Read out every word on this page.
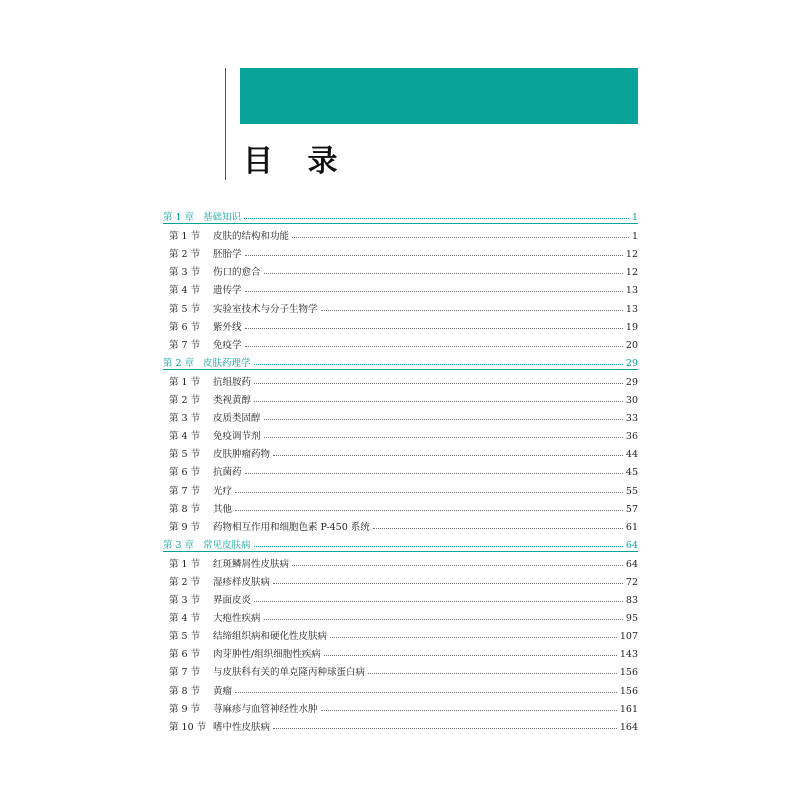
目 录
第 1 章 基础知识	1
第 1 节	皮肤的结构和功能	1
第 2 节	胚胎学	12
第 3 节	伤口的愈合	12
第 4 节	遗传学	13
第 5 节	实验室技术与分子生物学	13
第 6 节	紫外线	19
第 7 节	免疫学	20
第 2 章 皮肤药理学	29
第 1 节	抗组胺药	29
第 2 节	类视黄醇	30
第 3 节	皮质类固醇	33
第 4 节	免疫调节剂	36
第 5 节	皮肤肿瘤药物	44
第 6 节	抗菌药	45
第 7 节	光疗	55
第 8 节	其他	57
第 9 节	药物相互作用和细胞色素 P-450 系统	61
第 3 章 常见皮肤病	64
第 1 节	红斑鳞屑性皮肤病	64
第 2 节	湿疹样皮肤病	72
第 3 节	界面皮炎	83
第 4 节	大疱性疾病	95
第 5 节	结缔组织病和硬化性皮肤病	107
第 6 节	肉芽肿性/组织细胞性疾病	143
第 7 节	与皮肤科有关的单克隆丙种球蛋白病	156
第 8 节	黄瘤	156
第 9 节	荨麻疹与血管神经性水肿	161
第 10 节 嗜中性皮肤病	164
